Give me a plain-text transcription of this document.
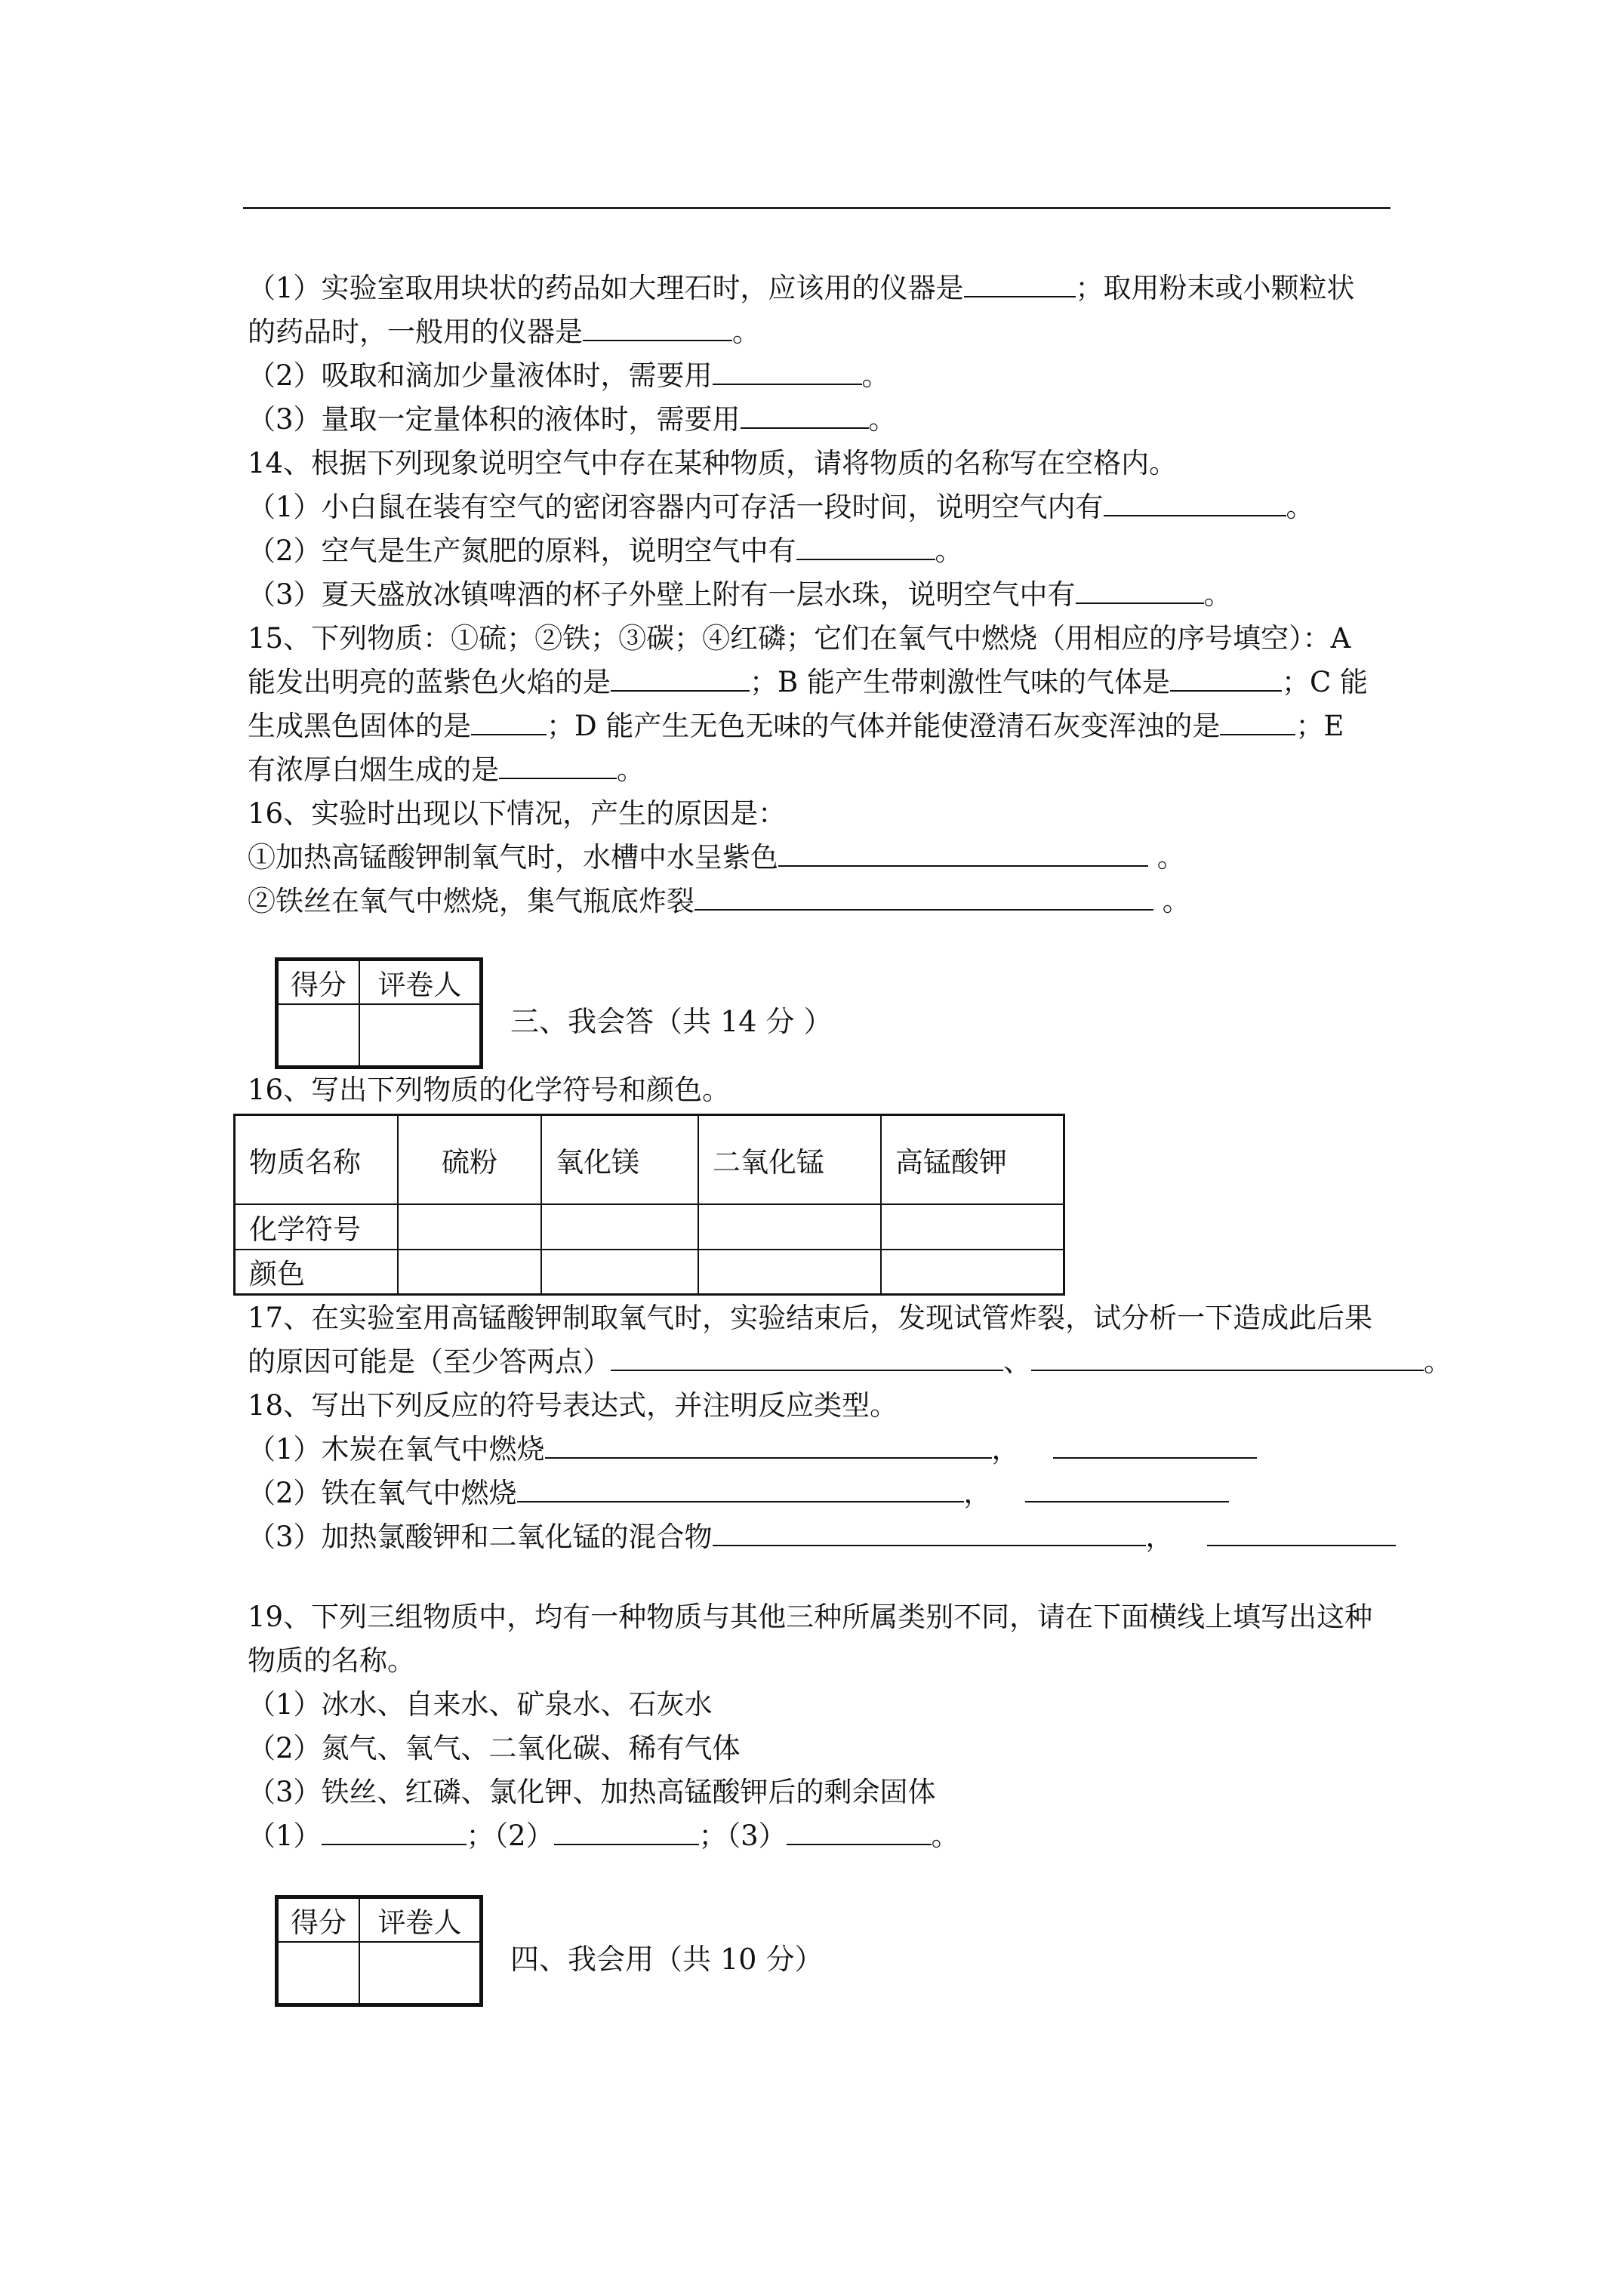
（1）实验室取用块状的药品如大理石时，应该用的仪器是	；取用粉末或小颗粒状
的药品时，一般用的仪器是	。
（2）吸取和滴加少量液体时，需要用	。
（3）量取一定量体积的液体时，需要用	。
14、根据下列现象说明空气中存在某种物质，请将物质的名称写在空格内。
（1）小白鼠在装有空气的密闭容器内可存活一段时间，说明空气内有	。
（2）空气是生产氮肥的原料，说明空气中有	。
（3）夏天盛放冰镇啤酒的杯子外壁上附有一层水珠，说明空气中有	。
15、下列物质：①硫；②铁；③碳；④红磷；它们在氧气中燃烧（用相应的序号填空）：A
能发出明亮的蓝紫色火焰的是	；B 能产生带刺激性气味的气体是	；C 能
生成黑色固体的是	；D 能产生无色无味的气体并能使澄清石灰变浑浊的是	；E
有浓厚白烟生成的是	。
16、实验时出现以下情况，产生的原因是：
①加热高锰酸钾制氧气时，水槽中水呈紫色	。
②铁丝在氧气中燃烧，集气瓶底炸裂	。
得分	评卷人

三、我会答（共 14 分 ）
16、写出下列物质的化学符号和颜色。
物质名称	硫粉	氧化镁	二氧化锰	高锰酸钾
化学符号				
颜色				
17、在实验室用高锰酸钾制取氧气时，实验结束后，发现试管炸裂，试分析一下造成此后果
的原因可能是（至少答两点）	、	。
18、写出下列反应的符号表达式，并注明反应类型。
（1）木炭在氧气中燃烧	，
（2）铁在氧气中燃烧	，
（3）加热氯酸钾和二氧化锰的混合物	，
19、下列三组物质中，均有一种物质与其他三种所属类别不同，请在下面横线上填写出这种
物质的名称。
（1）冰水、自来水、矿泉水、石灰水
（2）氮气、氧气、二氧化碳、稀有气体
（3）铁丝、红磷、氯化钾、加热高锰酸钾后的剩余固体
（1）	；（2）	；（3）	。
得分	评卷人

四、我会用（共 10 分）
